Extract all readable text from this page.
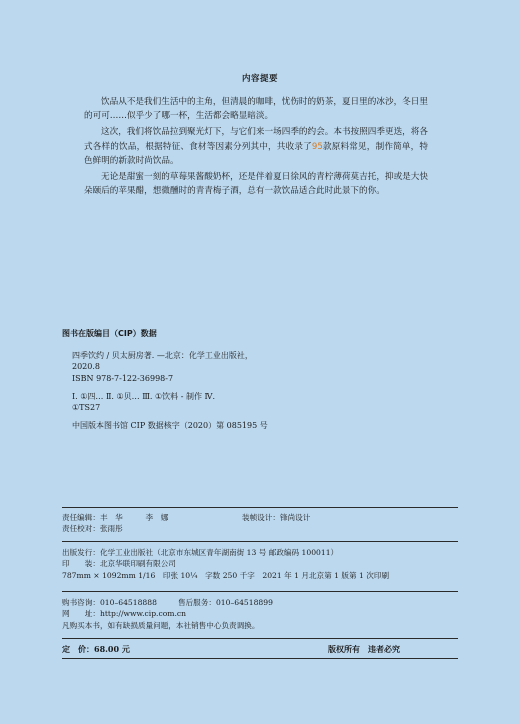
内容提要

饮品从不是我们生活中的主角，但清晨的咖啡，忧伤时的奶茶，夏日里的冰沙，冬日里的可可……似乎少了哪一杯，生活都会略显暗淡。

这次，我们将饮品拉到聚光灯下，与它们来一场四季的约会。本书按照四季更迭，将各式各样的饮品，根据特征、食材等因素分列其中，共收录了95款原料常见，制作简单，特色鲜明的新款时尚饮品。

无论是甜蜜一刻的草莓果酱酸奶杯，还是伴着夏日徐风的青柠薄荷莫吉托，抑或是大快朵颐后的苹果醋，想微醺时的青青梅子酒，总有一款饮品适合此时此景下的你。

图书在版编目（CIP）数据
四季饮约 / 贝太厨房著. —北京：化学工业出版社，
2020.8
ISBN 978-7-122-36998-7
Ⅰ. ①四… Ⅱ. ①贝… Ⅲ. ①饮料 - 制作 Ⅳ.
①TS27
中国版本图书馆 CIP 数据核字（2020）第 085195 号
责任编辑：丰　华　　　李　娜	装帧设计：锋尚设计
责任校对：张雨彤
出版发行：化学工业出版社（北京市东城区青年湖南街 13 号 邮政编码 100011）
印　　装： 北京华联印刷有限公司
787mm × 1092mm 1/16　印张 10¼　字数 250 千字　2021 年 1 月北京第 1 版第 1 次印刷
购书咨询：010–64518888	售后服务：010–64518899
网　　址：http://www.cip.com.cn
凡购买本书，如有缺损质量问题，本社销售中心负责调换。
定　价：68.00 元	版权所有　违者必究
